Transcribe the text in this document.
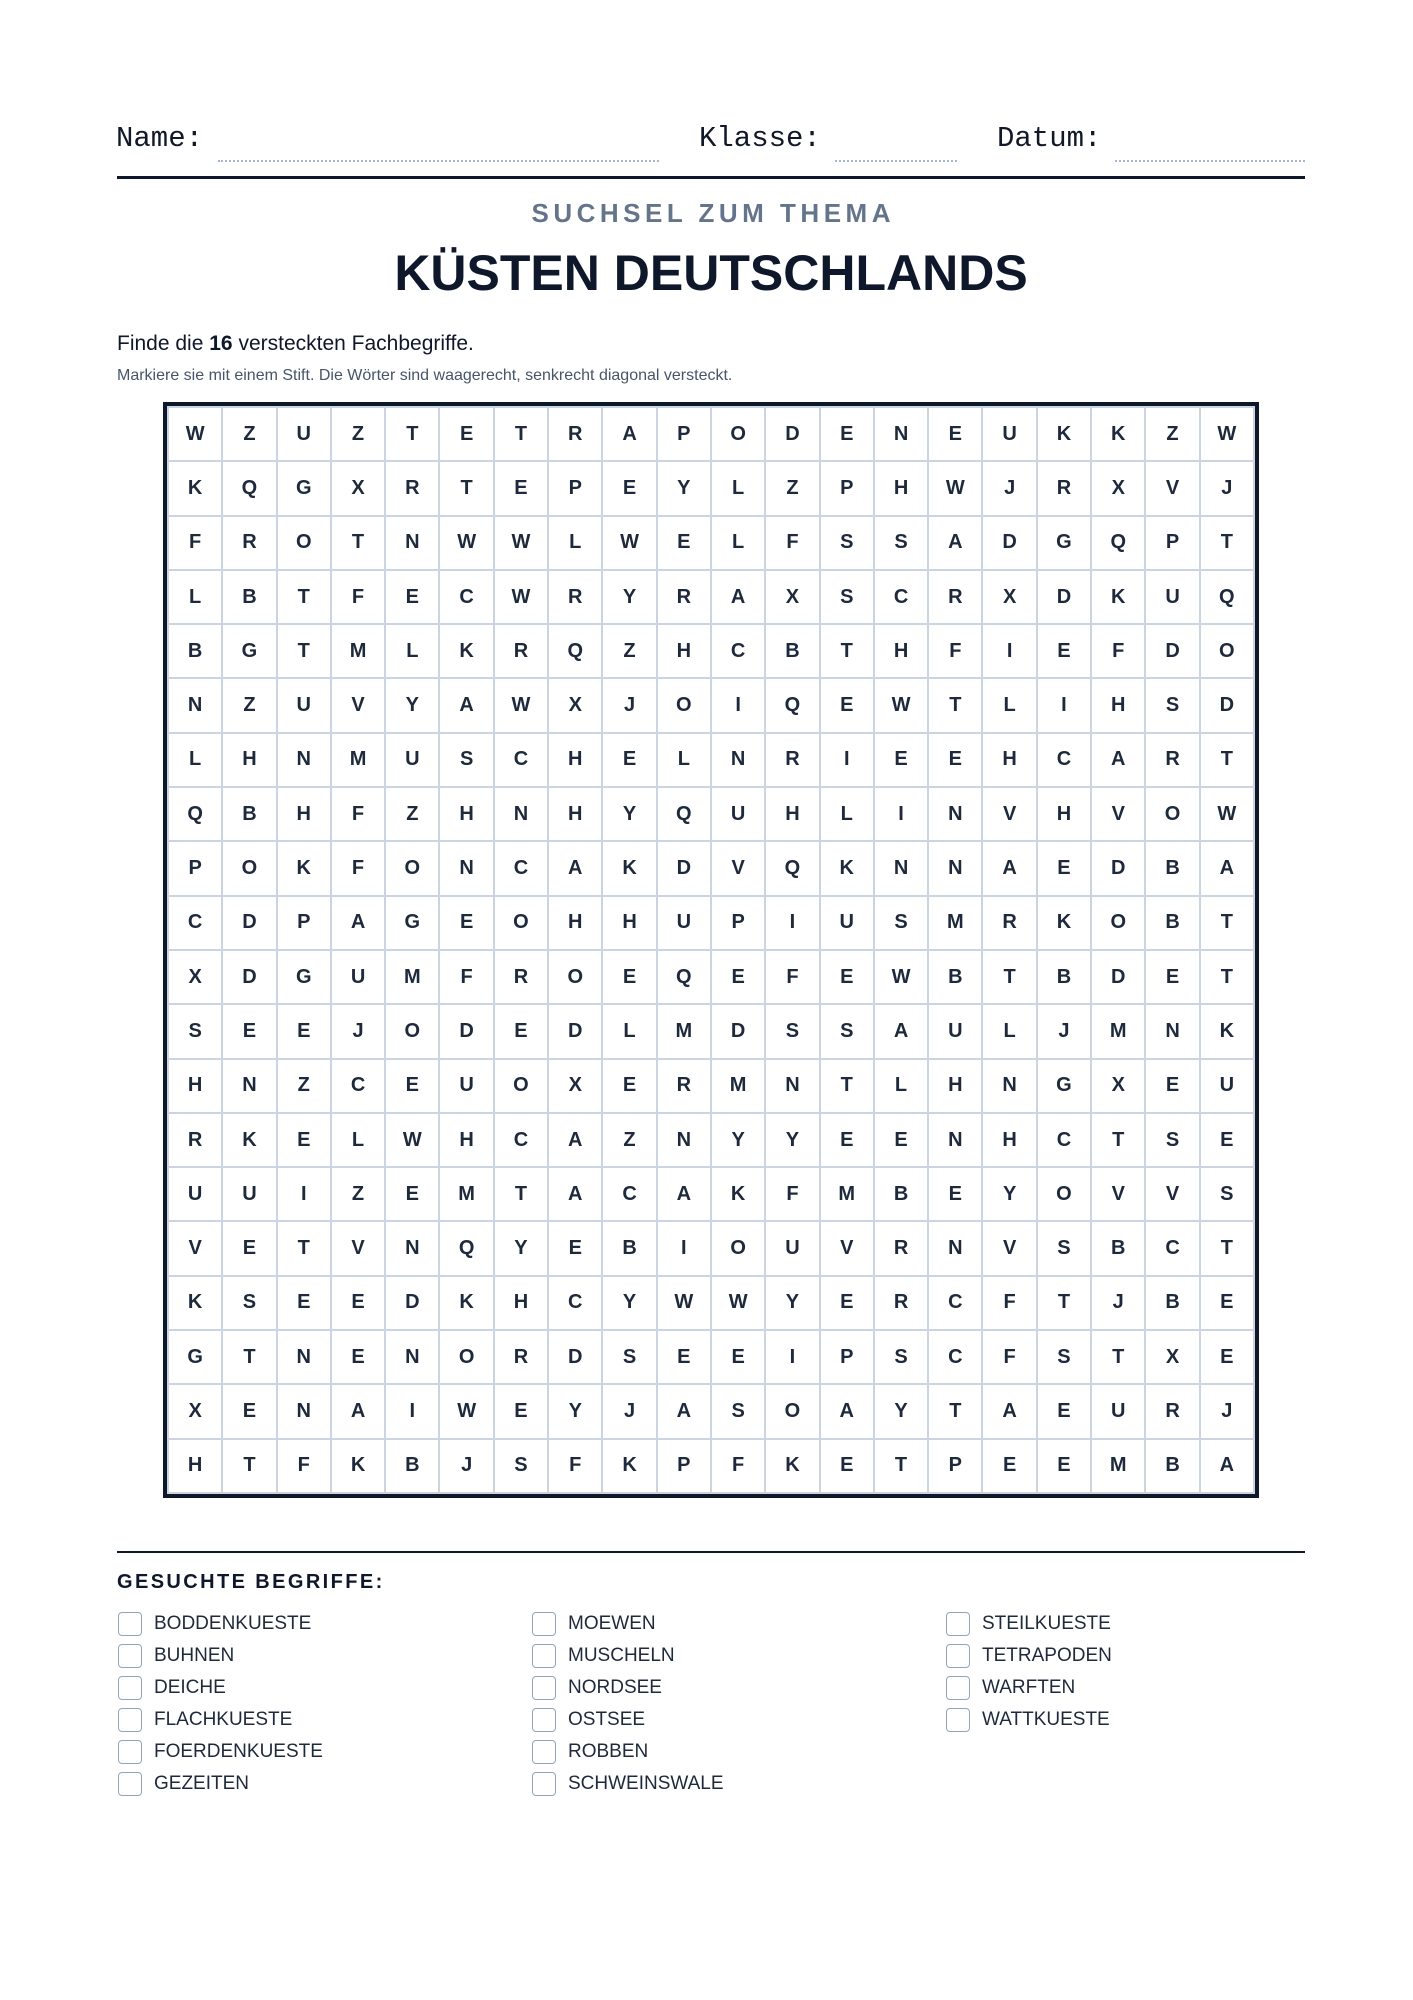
Name:	Klasse:	Datum:
SUCHSEL ZUM THEMA
KÜSTEN DEUTSCHLANDS

Finde die 16 versteckten Fachbegriffe.

Markiere sie mit einem Stift. Die Wörter sind waagerecht, senkrecht diagonal versteckt.

W	Z	U	Z	T	E	T	R	A	P	O	D	E	N	E	U	K	K	Z	W
K	Q	G	X	R	T	E	P	E	Y	L	Z	P	H	W	J	R	X	V	J
F	R	O	T	N	W	W	L	W	E	L	F	S	S	A	D	G	Q	P	T
L	B	T	F	E	C	W	R	Y	R	A	X	S	C	R	X	D	K	U	Q
B	G	T	M	L	K	R	Q	Z	H	C	B	T	H	F	I	E	F	D	O
N	Z	U	V	Y	A	W	X	J	O	I	Q	E	W	T	L	I	H	S	D
L	H	N	M	U	S	C	H	E	L	N	R	I	E	E	H	C	A	R	T
Q	B	H	F	Z	H	N	H	Y	Q	U	H	L	I	N	V	H	V	O	W
P	O	K	F	O	N	C	A	K	D	V	Q	K	N	N	A	E	D	B	A
C	D	P	A	G	E	O	H	H	U	P	I	U	S	M	R	K	O	B	T
X	D	G	U	M	F	R	O	E	Q	E	F	E	W	B	T	B	D	E	T
S	E	E	J	O	D	E	D	L	M	D	S	S	A	U	L	J	M	N	K
H	N	Z	C	E	U	O	X	E	R	M	N	T	L	H	N	G	X	E	U
R	K	E	L	W	H	C	A	Z	N	Y	Y	E	E	N	H	C	T	S	E
U	U	I	Z	E	M	T	A	C	A	K	F	M	B	E	Y	O	V	V	S
V	E	T	V	N	Q	Y	E	B	I	O	U	V	R	N	V	S	B	C	T
K	S	E	E	D	K	H	C	Y	W	W	Y	E	R	C	F	T	J	B	E
G	T	N	E	N	O	R	D	S	E	E	I	P	S	C	F	S	T	X	E
X	E	N	A	I	W	E	Y	J	A	S	O	A	Y	T	A	E	U	R	J
H	T	F	K	B	J	S	F	K	P	F	K	E	T	P	E	E	M	B	A
GESUCHTE BEGRIFFE:
BODDENKUESTE
BUHNEN
DEICHE
FLACHKUESTE
FOERDENKUESTE
GEZEITEN
MOEWEN
MUSCHELN
NORDSEE
OSTSEE
ROBBEN
SCHWEINSWALE
STEILKUESTE
TETRAPODEN
WARFTEN
WATTKUESTE
